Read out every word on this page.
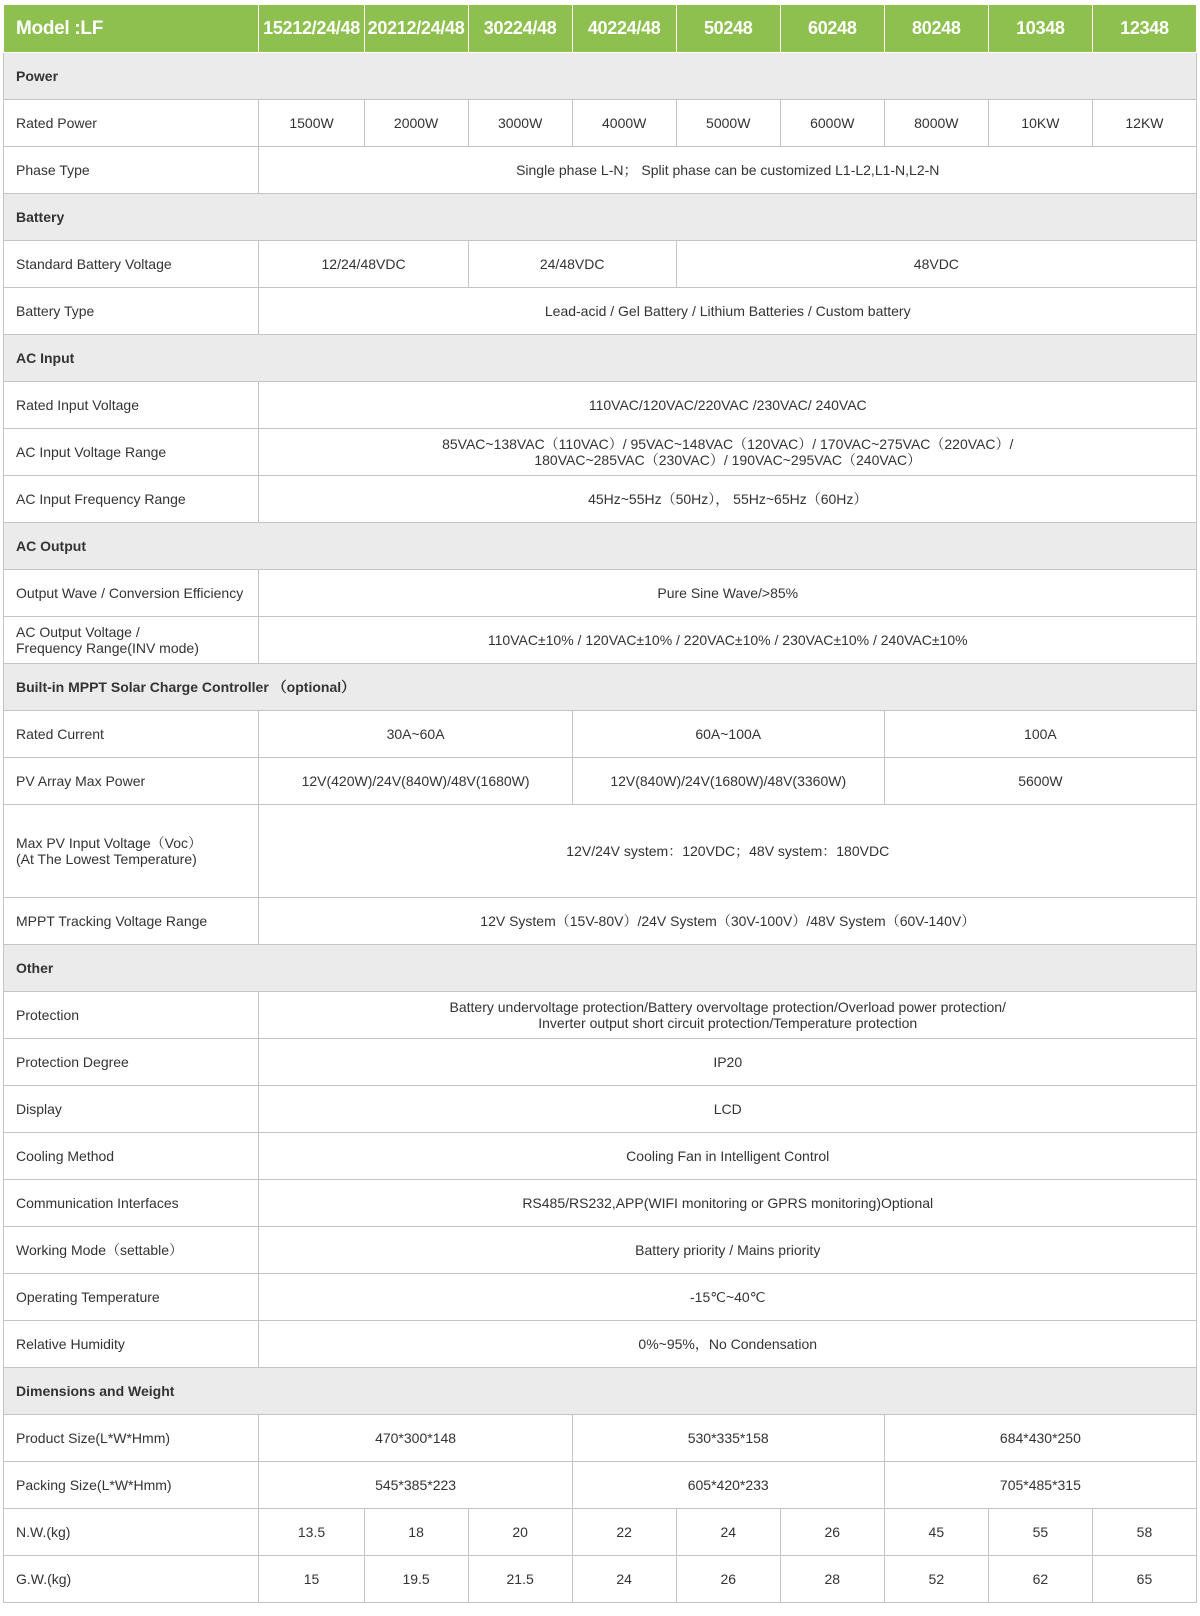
Model :LF	15212/24/48	20212/24/48	30224/48	40224/48	50248	60248	80248	10348	12348
Power									
Rated Power	1500W	2000W	3000W	4000W	5000W	6000W	8000W	10KW	12KW
Phase Type	Single phase L-N； Split phase can be customized L1-L2,L1-N,L2-N								
Battery									
Standard Battery Voltage	12/24/48VDC		24/48VDC		48VDC				
Battery Type	Lead-acid / Gel Battery / Lithium Batteries / Custom battery								
AC Input									
Rated Input Voltage	110VAC/120VAC/220VAC /230VAC/ 240VAC								
AC Input Voltage Range	85VAC~138VAC（110VAC）/ 95VAC~148VAC（120VAC）/ 170VAC~275VAC（220VAC）/
180VAC~285VAC（230VAC）/ 190VAC~295VAC（240VAC）								

AC Input Frequency Range	45Hz~55Hz（50Hz）， 55Hz~65Hz（60Hz）								
AC Output									
Output Wave / Conversion Efficiency	Pure Sine Wave/>85%								

AC Output Voltage /
Frequency Range(INV mode)	110VAC±10% / 120VAC±10% / 220VAC±10% / 230VAC±10% / 240VAC±10%								
Built-in MPPT Solar Charge Controller （optional）									
Rated Current	30A~60A			60A~100A			100A		
PV Array Max Power	12V(420W)/24V(840W)/48V(1680W)			12V(840W)/24V(1680W)/48V(3360W)			5600W		

Max PV Input Voltage（Voc）
(At The Lowest Temperature)	12V/24V system：120VDC；48V system：180VDC								
MPPT Tracking Voltage Range	12V System（15V-80V）/24V System（30V-100V）/48V System（60V-140V）								
Other									
Protection	Battery undervoltage protection/Battery overvoltage protection/Overload power protection/
Inverter output short circuit protection/Temperature protection								

Protection Degree	IP20								
Display	LCD								
Cooling Method	Cooling Fan in Intelligent Control								
Communication Interfaces	RS485/RS232,APP(WIFI monitoring or GPRS monitoring)Optional								
Working Mode（settable）	Battery priority / Mains priority								
Operating Temperature	-15℃~40℃								
Relative Humidity	0%~95%，No Condensation								
Dimensions and Weight									
Product Size(L*W*Hmm)	470*300*148			530*335*158			684*430*250		
Packing Size(L*W*Hmm)	545*385*223			605*420*233			705*485*315		
N.W.(kg)	13.5	18	20	22	24	26	45	55	58
G.W.(kg)	15	19.5	21.5	24	26	28	52	62	65
